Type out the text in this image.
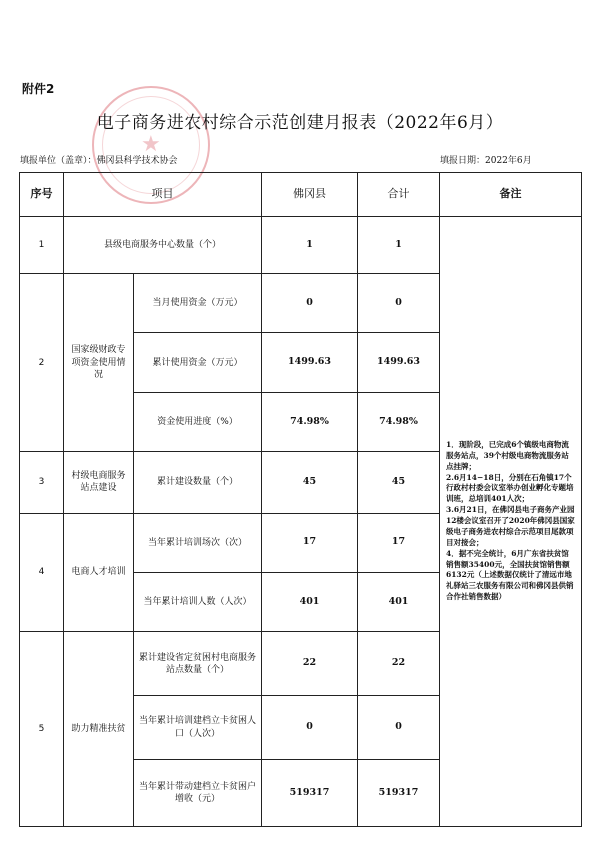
附件2
★
电子商务进农村综合示范创建月报表（2022年6月）
填报单位（盖章）：佛冈县科学技术协会	填报日期：2022年6月
序号	项目		佛冈县	合计	备注
1	县级电商服务中心数量（个）		1	1	1．现阶段，已完成6个镇级电商物流服务站点，39个村级电商物流服务站点挂牌；

2.6月14−18日，分别在石角镇17个行政村村委会议室举办创业孵化专题培训班，总培训401人次；

3.6月21日，在佛冈县电子商务产业园12楼会议室召开了2020年佛冈县国家级电子商务进农村综合示范项目尾款项目对接会；

4．据不完全统计，6月广东省扶贫馆销售额35400元，全国扶贫馆销售额6132元（上述数据仅统计了清远市地礼驿站三农服务有限公司和佛冈县供销合作社销售数据）

2	国家级财政专项资金使用情况	当月使用资金（万元）	0	0	
		累计使用资金（万元）	1499.63	1499.63	
		资金使用进度（%）	74.98%	74.98%	
3	村级电商服务站点建设	累计建设数量（个）	45	45	
4	电商人才培训	当年累计培训场次（次）	17	17	
		当年累计培训人数（人次）	401	401	
5	助力精准扶贫	累计建设省定贫困村电商服务站点数量（个）	22	22	
		当年累计培训建档立卡贫困人口（人次）	0	0	
		当年累计带动建档立卡贫困户增收（元）	519317	519317	
